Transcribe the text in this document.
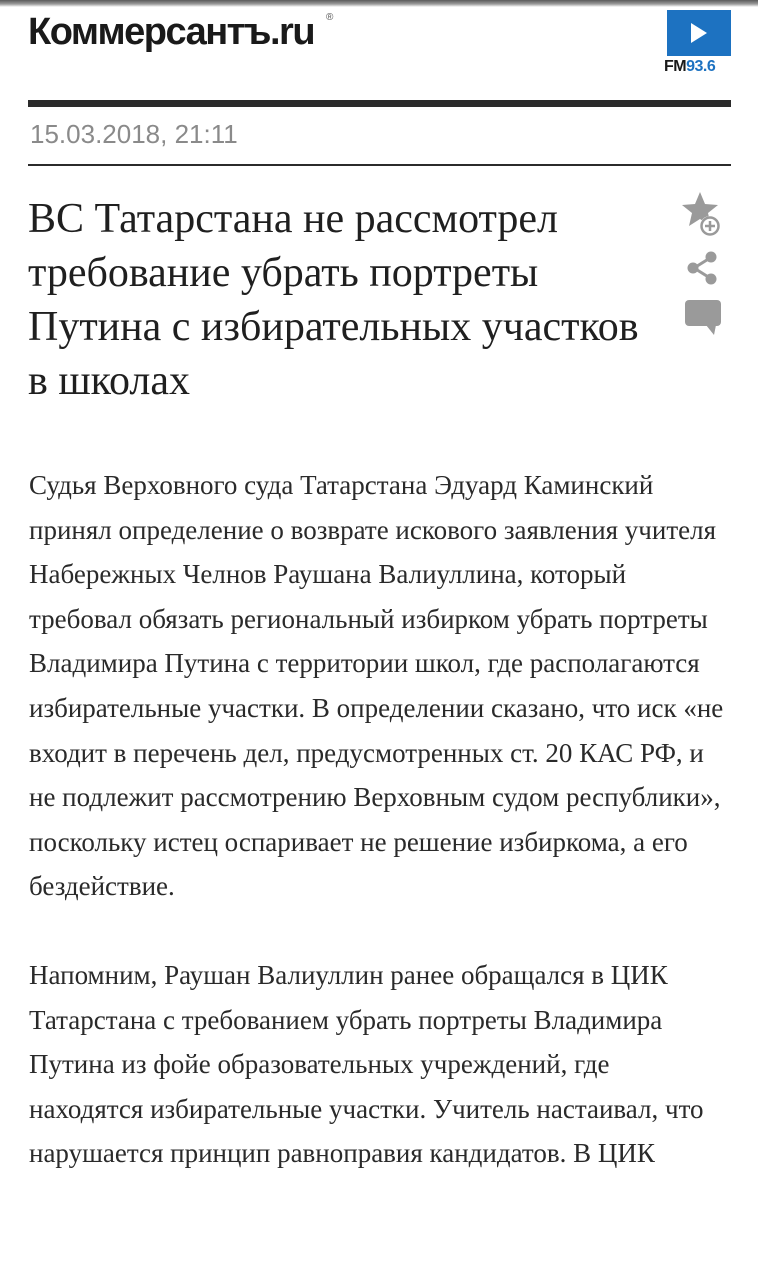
Коммерсантъ.ru ®
FM93.6
15.03.2018, 21:11
ВС Татарстана не рассмотрел требование убрать портреты Путина с избирательных участков в школах

Судья Верховного суда Татарстана Эдуард Каминский принял определение о возврате искового заявления учителя Набережных Челнов Раушана Валиуллина, который требовал обязать региональный избирком убрать портреты Владимира Путина с территории школ, где располагаются избирательные участки. В определении сказано, что иск «не входит в перечень дел, предусмотренных ст. 20 КАС РФ, и не подлежит рассмотрению Верховным судом республики», поскольку истец оспаривает не решение избиркома, а его бездействие.

Напомним, Раушан Валиуллин ранее обращался в ЦИК Татарстана с требованием убрать портреты Владимира Путина из фойе образовательных учреждений, где находятся избирательные участки. Учитель настаивал, что нарушается принцип равноправия кандидатов. В ЦИК
